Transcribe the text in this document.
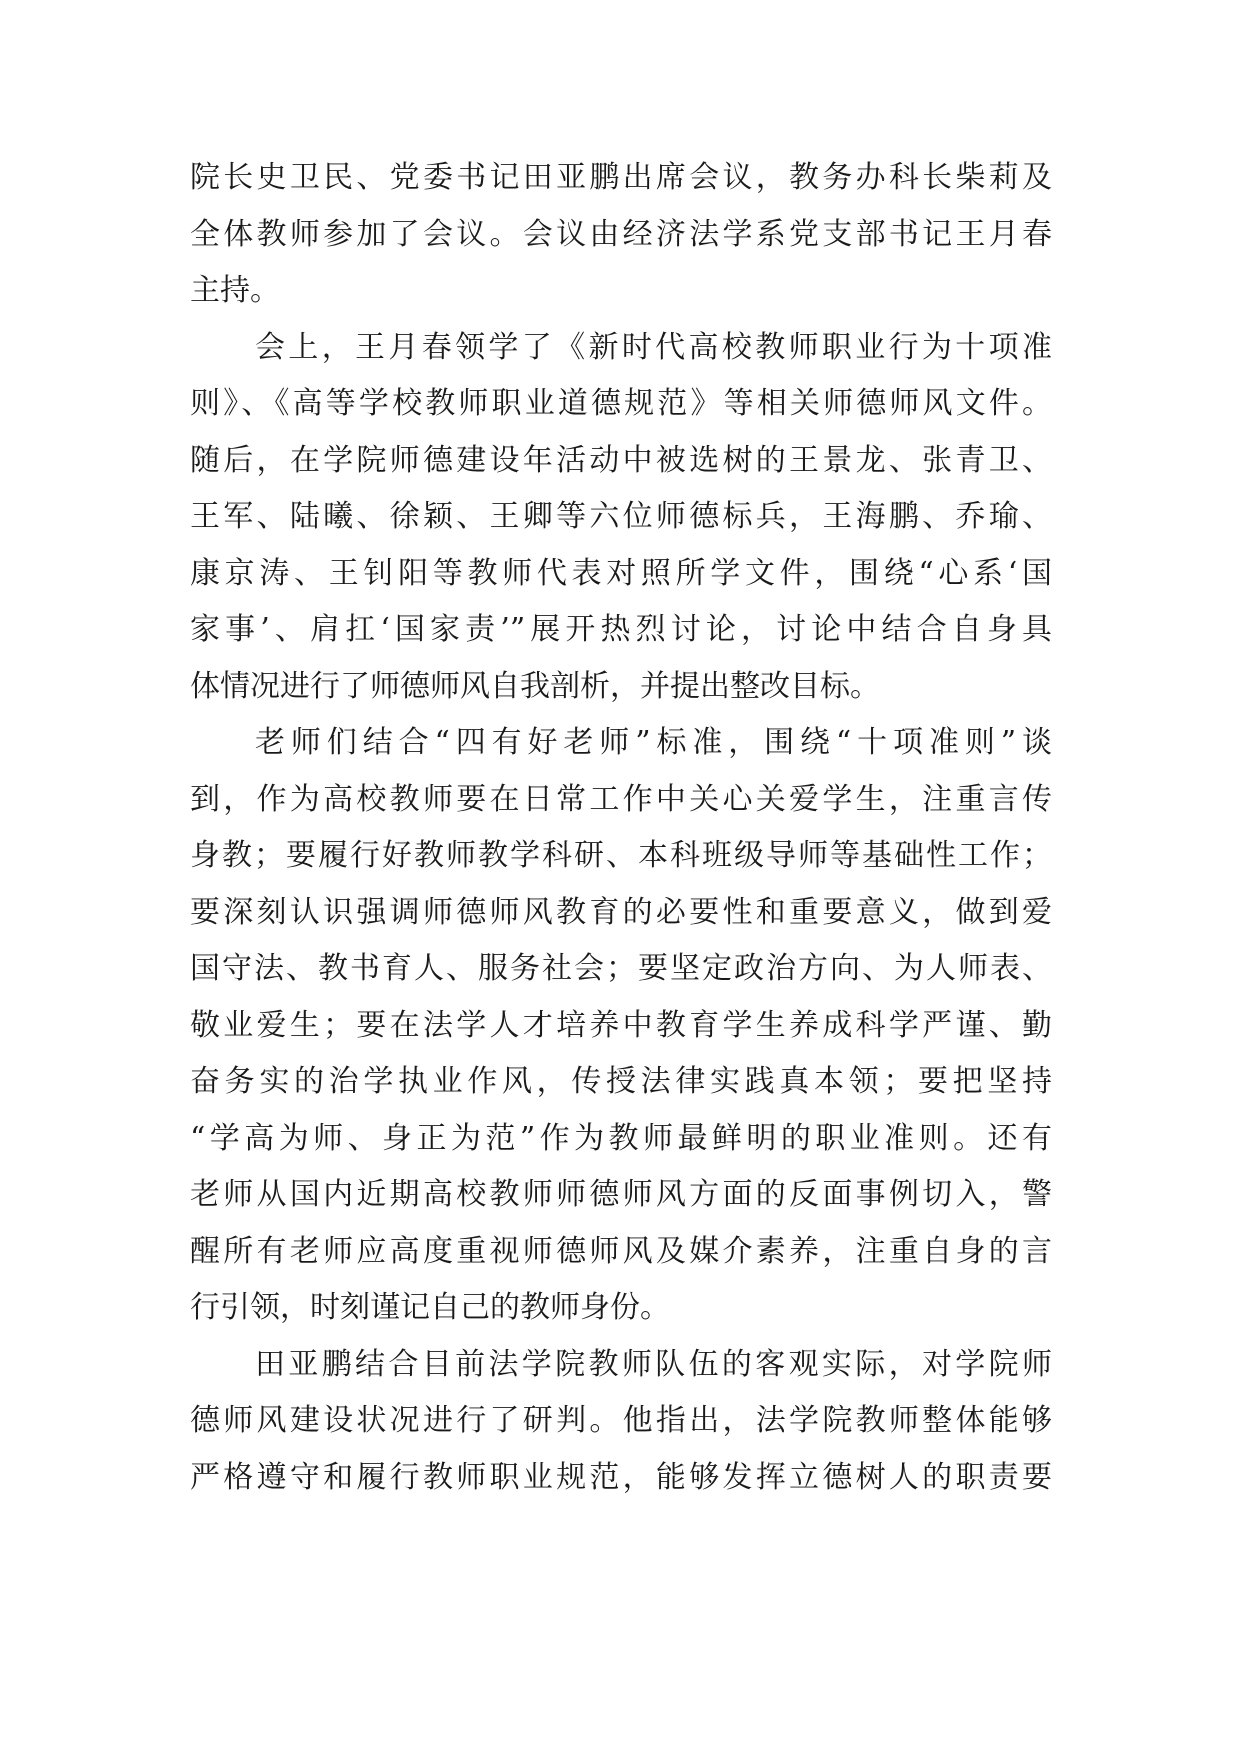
院长史卫民、党委书记田亚鹏出席会议，教务办科长柴莉及
全体教师参加了会议。会议由经济法学系党支部书记王月春
主持。
会上，王月春领学了《新时代高校教师职业行为十项准
则》、《高等学校教师职业道德规范》等相关师德师风文件。
随后，在学院师德建设年活动中被选树的王景龙、张青卫、
王军、陆曦、徐颖、王卿等六位师德标兵，王海鹏、乔瑜、
康京涛、王钊阳等教师代表对照所学文件，围绕“心系‘国
家事’、肩扛‘国家责’”展开热烈讨论，讨论中结合自身具
体情况进行了师德师风自我剖析，并提出整改目标。
老师们结合“四有好老师”标准，围绕“十项准则”谈
到，作为高校教师要在日常工作中关心关爱学生，注重言传
身教；要履行好教师教学科研、本科班级导师等基础性工作；
要深刻认识强调师德师风教育的必要性和重要意义，做到爱
国守法、教书育人、服务社会；要坚定政治方向、为人师表、
敬业爱生；要在法学人才培养中教育学生养成科学严谨、勤
奋务实的治学执业作风，传授法律实践真本领；要把坚持
“学高为师、身正为范”作为教师最鲜明的职业准则。还有
老师从国内近期高校教师师德师风方面的反面事例切入，警
醒所有老师应高度重视师德师风及媒介素养，注重自身的言
行引领，时刻谨记自己的教师身份。
田亚鹏结合目前法学院教师队伍的客观实际，对学院师
德师风建设状况进行了研判。他指出，法学院教师整体能够
严格遵守和履行教师职业规范，能够发挥立德树人的职责要
